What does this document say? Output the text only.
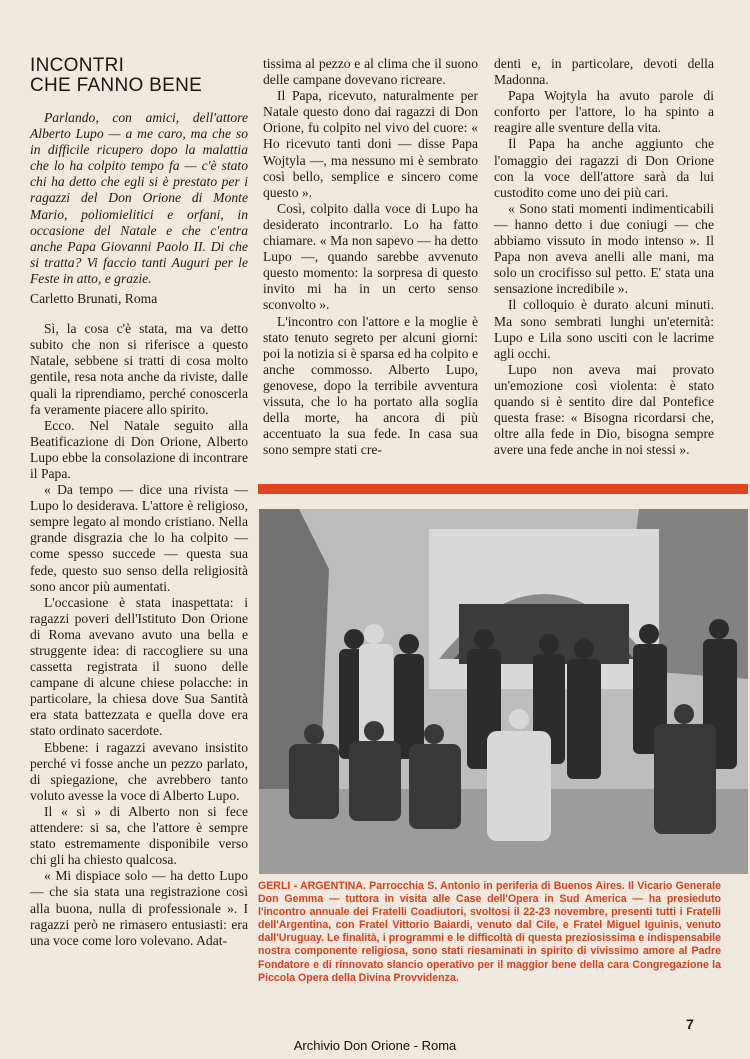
INCONTRI
CHE FANNO BENE

Parlando, con amici, dell'attore Alberto Lupo — a me caro, ma che so in difficile ricupero dopo la malattia che lo ha colpito tempo fa — c'è stato chi ha detto che egli si è prestato per i ragazzi del Don Orione di Monte Mario, poliomielitici e orfani, in occasione del Natale e che c'entra anche Papa Giovanni Paolo II. Di che si tratta? Vi faccio tanti Auguri per le Feste in atto, e grazie.

Carletto Brunati, Roma

Sì, la cosa c'è stata, ma va detto subito che non si riferisce a questo Natale, sebbene si tratti di cosa molto gentile, resa nota anche da riviste, dalle quali la riprendiamo, perché conoscerla fa veramente piacere allo spirito.

Ecco. Nel Natale seguito alla Beatificazione di Don Orione, Alberto Lupo ebbe la consolazione di incontrare il Papa.

« Da tempo — dice una rivista — Lupo lo desiderava. L'attore è religioso, sempre legato al mondo cristiano. Nella grande disgrazia che lo ha colpito — come spesso succede — questa sua fede, questo suo senso della religiosità sono ancor più aumentati.

L'occasione è stata inaspettata: i ragazzi poveri dell'Istituto Don Orione di Roma avevano avuto una bella e struggente idea: di raccogliere su una cassetta registrata il suono delle campane di alcune chiese polacche: in particolare, la chiesa dove Sua Santità era stata battezzata e quella dove era stato ordinato sacerdote.

Ebbene: i ragazzi avevano insistito perché vi fosse anche un pezzo parlato, di spiegazione, che avrebbero tanto voluto avesse la voce di Alberto Lupo.

Il « sì » di Alberto non si fece attendere: si sa, che l'attore è sempre stato estremamente disponibile verso chi gli ha chiesto qualcosa.

« Mi dispiace solo — ha detto Lupo — che sia stata una registrazione così alla buona, nulla di professionale ». I ragazzi però ne rimasero entusiasti: era una voce come loro volevano. Adat-

tissima al pezzo e al clima che il suono delle campane dovevano ricreare.

Il Papa, ricevuto, naturalmente per Natale questo dono dai ragazzi di Don Orione, fu colpito nel vivo del cuore: « Ho ricevuto tanti doni — disse Papa Wojtyla —, ma nessuno mi è sembrato così bello, semplice e sincero come questo ».

Così, colpito dalla voce di Lupo ha desiderato incontrarlo. Lo ha fatto chiamare. « Ma non sapevo — ha detto Lupo —, quando sarebbe avvenuto questo momento: la sorpresa di questo invito mi ha in un certo senso sconvolto ».

L'incontro con l'attore e la moglie è stato tenuto segreto per alcuni giorni: poi la notizia si è sparsa ed ha colpito e anche commosso. Alberto Lupo, genovese, dopo la terribile avventura vissuta, che lo ha portato alla soglia della morte, ha ancora di più accentuato la sua fede. In casa sua sono sempre stati cre-

denti e, in particolare, devoti della Madonna.

Papa Wojtyla ha avuto parole di conforto per l'attore, lo ha spinto a reagire alle sventure della vita.

Il Papa ha anche aggiunto che l'omaggio dei ragazzi di Don Orione con la voce dell'attore sarà da lui custodito come uno dei più cari.

« Sono stati momenti indimenticabili — hanno detto i due coniugi — che abbiamo vissuto in modo intenso ». Il Papa non aveva anelli alle mani, ma solo un crocifisso sul petto. E' stata una sensazione incredibile ».

Il colloquio è durato alcuni minuti. Ma sono sembrati lunghi un'eternità: Lupo e Lila sono usciti con le lacrime agli occhi.

Lupo non aveva mai provato un'emozione così violenta: è stato quando si è sentito dire dal Pontefice questa frase: « Bisogna ricordarsi che, oltre alla fede in Dio, bisogna sempre avere una fede anche in noi stessi ».

GERLI - ARGENTINA. Parrocchia S. Antonio in periferia di Buenos Aires. Il Vicario Generale Don Gemma — tuttora in visita alle Case dell'Opera in Sud America — ha presieduto l'incontro annuale dei Fratelli Coadiutori, svoltosi il 22-23 novembre, presenti tutti i Fratelli dell'Argentina, con Fratel Vittorio Baiardi, venuto dal Cile, e Fratel Miguel Iguinis, venuto dall'Uruguay. Le finalità, i programmi e le difficoltà di questa preziosissima e indispensabile nostra componente religiosa, sono stati riesaminati in spirito di vivissimo amore al Padre Fondatore e di rinnovato slancio operativo per il maggior bene della cara Congregazione la Piccola Opera della Divina Provvidenza.
7
Archivio Don Orione - Roma
